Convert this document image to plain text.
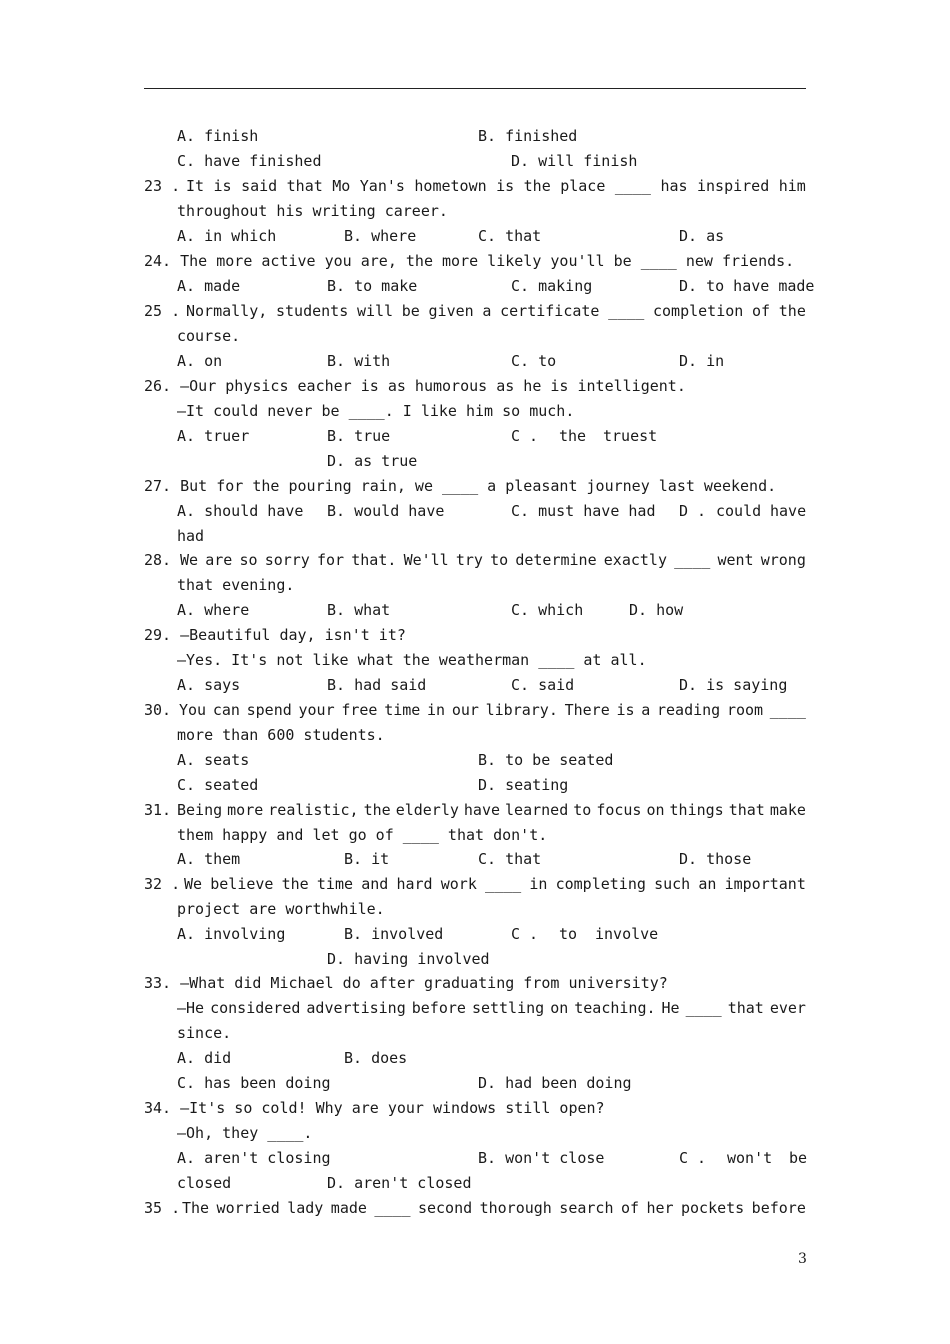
A. finish	B. finished
C. have finished	D. will finish
23 . It is said that Mo Yan's hometown is the place ____ has inspired him
throughout his writing career.
A. in which	B. where	C. that	D. as
24. The more active you are, the more likely you'll be ____ new friends.
A. made	B. to make	C. making	D. to have made
25 . Normally, students will be given a certificate ____ completion of the
course.
A. on	B. with	C. to	D. in
26. —Our physics eacher is as humorous as he is intelligent.
—It could never be ____. I like him so much.
A. truer	B. true	C . the truest
D. as true
27. But for the pouring rain, we ____ a pleasant journey last weekend.
A. should have B. would have	C. must have had D . could have
had
28. We are so sorry for that. We'll try to determine exactly ____ went wrong
that evening.
A. where	B. what	C. which	D. how
29. —Beautiful day, isn't it?
—Yes. It's not like what the weatherman ____ at all.
A. says	B. had said	C. said	D. is saying
30. You can spend your free time in our library. There is a reading room ____
more than 600 students.
A. seats	B. to be seated
C. seated	D. seating
31. Being more realistic, the elderly have learned to focus on things that make
them happy and let go of ____ that don't.
A. them	B. it	C. that	D. those
32 . We believe the time and hard work ____ in completing such an important
project are worthwhile.
A. involving	B. involved	C . to involve
D. having involved
33. —What did Michael do after graduating from university?
—He considered advertising before settling on teaching. He ____ that ever
since.
A. did	B. does
C. has been doing	D. had been doing
34. —It's so cold! Why are your windows still open?
—Oh, they ____.
A. aren't closing	B. won't close	C . won't be
closed	D. aren't closed
35 . The worried lady made ____ second thorough search of her pockets before
3
